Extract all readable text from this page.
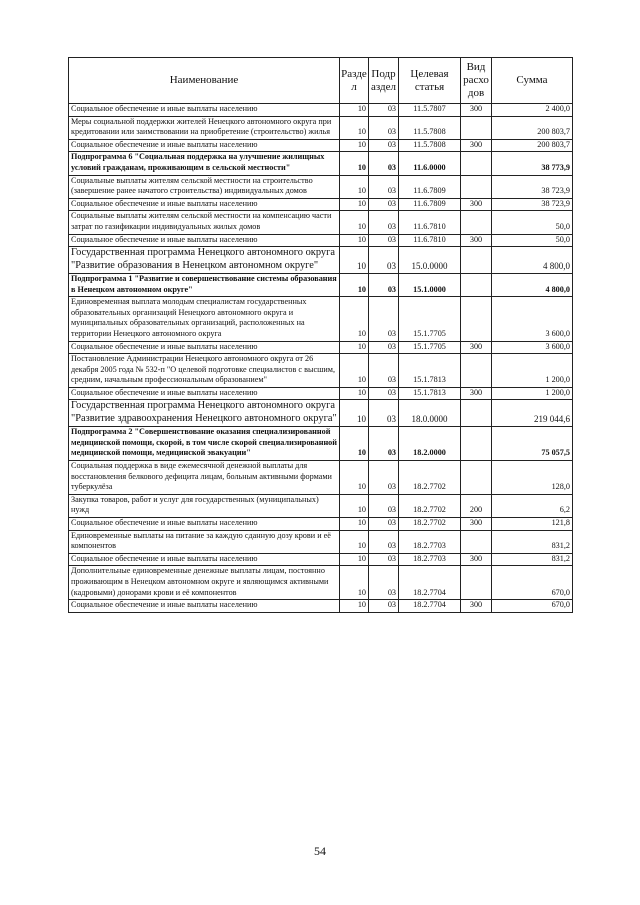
Наименование	Разде л	Подр аздел	Целевая статья	Вид расхо дов	Сумма
Социальное обеспечение и иные выплаты населению	10	03	11.5.7807	300	2 400,0
Меры социальной поддержки жителей Ненецкого автономного округа при кредитовании или заимствовании на приобретение (строительство) жилья	10	03	11.5.7808		200 803,7
Социальное обеспечение и иные выплаты населению	10	03	11.5.7808	300	200 803,7
Подпрограмма 6 "Социальная поддержка на улучшение жилищных условий гражданам, проживающим в сельской местности"	10	03	11.6.0000		38 773,9
Социальные выплаты жителям сельской местности на строительство (завершение ранее начатого строительства) индивидуальных домов	10	03	11.6.7809		38 723,9
Социальное обеспечение и иные выплаты населению	10	03	11.6.7809	300	38 723,9
Социальные выплаты жителям сельской местности на компенсацию части затрат по газификации индивидуальных жилых домов	10	03	11.6.7810		50,0
Социальное обеспечение и иные выплаты населению	10	03	11.6.7810	300	50,0
Государственная программа Ненецкого автономного округа "Развитие образования в Ненецком автономном округе"	10	03	15.0.0000		4 800,0
Подпрограмма 1 "Развитие и совершенствование системы образования в Ненецком автономном округе"	10	03	15.1.0000		4 800,0
Единовременная выплата молодым специалистам государственных образовательных организаций Ненецкого автономного округа и муниципальных образовательных организаций, расположенных на территории Ненецкого автономного округа	10	03	15.1.7705		3 600,0
Социальное обеспечение и иные выплаты населению	10	03	15.1.7705	300	3 600,0
Постановление Администрации Ненецкого автономного округа от 26 декабря 2005 года № 532-п "О целевой подготовке специалистов с высшим, средним, начальным профессиональным образованием"	10	03	15.1.7813		1 200,0
Социальное обеспечение и иные выплаты населению	10	03	15.1.7813	300	1 200,0
Государственная программа Ненецкого автономного округа "Развитие здравоохранения Ненецкого автономного округа"	10	03	18.0.0000		219 044,6
Подпрограмма 2 "Совершенствование оказания специализированной медицинской помощи, скорой, в том числе скорой специализированной медицинской помощи, медицинской эвакуации"	10	03	18.2.0000		75 057,5
Социальная поддержка в виде ежемесячной денежной выплаты для восстановления белкового дефицита лицам, больным активными формами туберкулёза	10	03	18.2.7702		128,0
Закупка товаров, работ и услуг для государственных (муниципальных) нужд	10	03	18.2.7702	200	6,2
Социальное обеспечение и иные выплаты населению	10	03	18.2.7702	300	121,8
Единовременные выплаты на питание за каждую сданную дозу крови и её компонентов	10	03	18.2.7703		831,2
Социальное обеспечение и иные выплаты населению	10	03	18.2.7703	300	831,2
Дополнительные единовременные денежные выплаты лицам, постоянно проживающим в Ненецком автономном округе и являющимся активными (кадровыми) донорами крови и её компонентов	10	03	18.2.7704		670,0
Социальное обеспечение и иные выплаты населению	10	03	18.2.7704	300	670,0
54
